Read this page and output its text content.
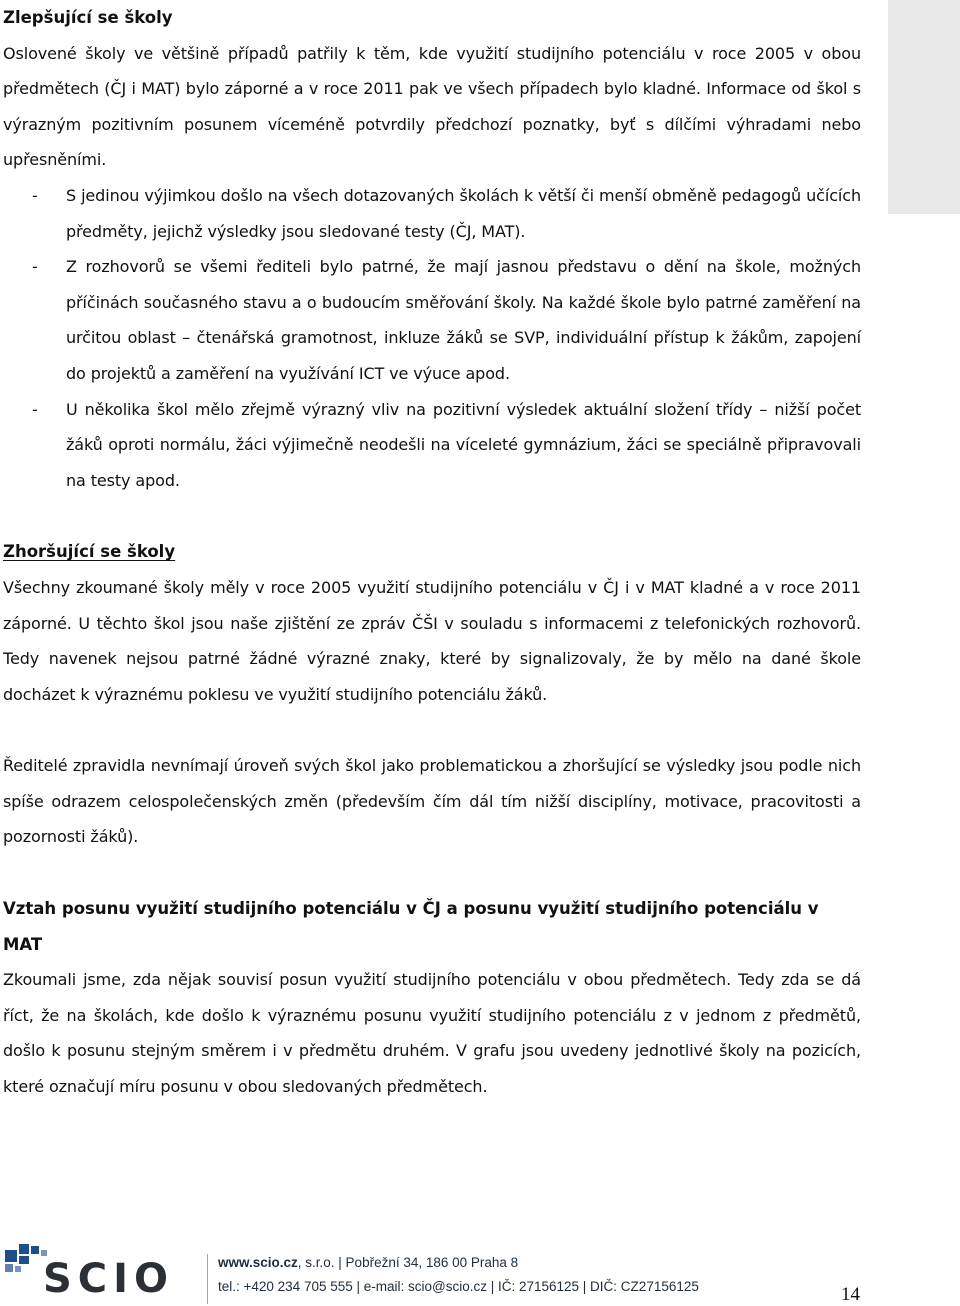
Zlepšující se školy

Oslovené školy ve většině případů patřily k těm, kde využití studijního potenciálu v roce 2005 v obou předmětech (ČJ i MAT) bylo záporné a v roce 2011 pak ve všech případech bylo kladné. Informace od škol s výrazným pozitivním posunem víceméně potvrdily předchozí poznatky, byť s dílčími výhradami nebo upřesněními.

- S jedinou výjimkou došlo na všech dotazovaných školách k větší či menší obměně pedagogů učících předměty, jejichž výsledky jsou sledované testy (ČJ, MAT).
- Z rozhovorů se všemi řediteli bylo patrné, že mají jasnou představu o dění na škole, možných příčinách současného stavu a o budoucím směřování školy. Na každé škole bylo patrné zaměření na určitou oblast – čtenářská gramotnost, inkluze žáků se SVP, individuální přístup k žákům, zapojení do projektů a zaměření na využívání ICT ve výuce apod.
- U několika škol mělo zřejmě výrazný vliv na pozitivní výsledek aktuální složení třídy – nižší počet žáků oproti normálu, žáci výjimečně neodešli na víceleté gymnázium, žáci se speciálně připravovali na testy apod.
Zhoršující se školy

Všechny zkoumané školy měly v roce 2005 využití studijního potenciálu v ČJ i v MAT kladné a v roce 2011 záporné. U těchto škol jsou naše zjištění ze zpráv ČŠI v souladu s informacemi z telefonických rozhovorů. Tedy navenek nejsou patrné žádné výrazné znaky, které by signalizovaly, že by mělo na dané škole docházet k výraznému poklesu ve využití studijního potenciálu žáků.

Ředitelé zpravidla nevnímají úroveň svých škol jako problematickou a zhoršující se výsledky jsou podle nich spíše odrazem celospolečenských změn (především čím dál tím nižší disciplíny, motivace, pracovitosti a pozornosti žáků).

Vztah posunu využití studijního potenciálu v ČJ a posunu využití studijního potenciálu v MAT

Zkoumali jsme, zda nějak souvisí posun využití studijního potenciálu v obou předmětech. Tedy zda se dá říct, že na školách, kde došlo k výraznému posunu využití studijního potenciálu z v jednom z předmětů, došlo k posunu stejným směrem i v předmětu druhém. V grafu jsou uvedeny jednotlivé školy na pozicích, které označují míru posunu v obou sledovaných předmětech.

SCIO	www.scio.cz, s.r.o. | Pobřežní 34, 186 00 Praha 8
tel.: +420 234 705 555 | e-mail: scio@scio.cz | IČ: 27156125 | DIČ: CZ27156125	14
